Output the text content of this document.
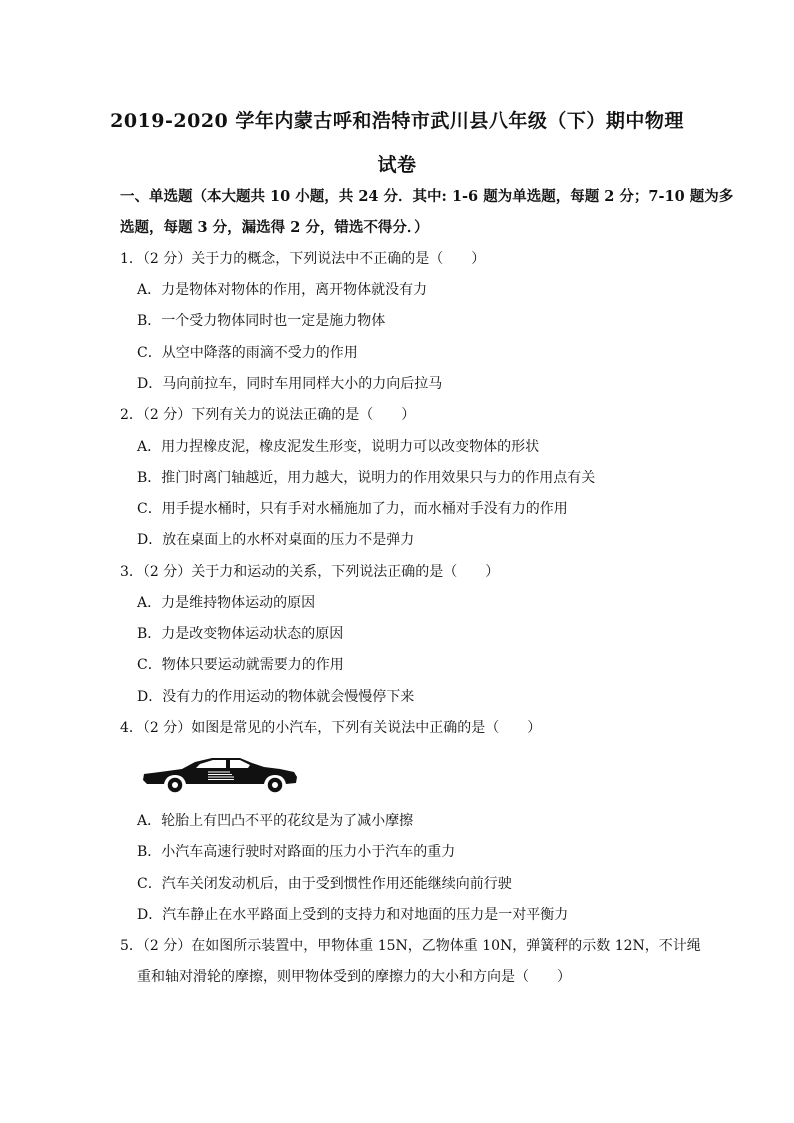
2019-2020 学年内蒙古呼和浩特市武川县八年级（下）期中物理
试卷
一、单选题（本大题共 10 小题，共 24 分．其中: 1-6 题为单选题，每题 2 分；7-10 题为多
选题，每题 3 分，漏选得 2 分，错选不得分．）
1．（2 分）关于力的概念，下列说法中不正确的是（　　）
A．力是物体对物体的作用，离开物体就没有力
B．一个受力物体同时也一定是施力物体
C．从空中降落的雨滴不受力的作用
D．马向前拉车，同时车用同样大小的力向后拉马
2．（2 分）下列有关力的说法正确的是（　　）
A．用力捏橡皮泥，橡皮泥发生形变，说明力可以改变物体的形状
B．推门时离门轴越近，用力越大，说明力的作用效果只与力的作用点有关
C．用手提水桶时，只有手对水桶施加了力，而水桶对手没有力的作用
D．放在桌面上的水杯对桌面的压力不是弹力
3．（2 分）关于力和运动的关系，下列说法正确的是（　　）
A．力是维持物体运动的原因
B．力是改变物体运动状态的原因
C．物体只要运动就需要力的作用
D．没有力的作用运动的物体就会慢慢停下来
4．（2 分）如图是常见的小汽车，下列有关说法中正确的是（　　）
A．轮胎上有凹凸不平的花纹是为了减小摩擦
B．小汽车高速行驶时对路面的压力小于汽车的重力
C．汽车关闭发动机后，由于受到惯性作用还能继续向前行驶
D．汽车静止在水平路面上受到的支持力和对地面的压力是一对平衡力
5．（2 分）在如图所示装置中，甲物体重 15N，乙物体重 10N，弹簧秤的示数 12N，不计绳
重和轴对滑轮的摩擦，则甲物体受到的摩擦力的大小和方向是（　　）
